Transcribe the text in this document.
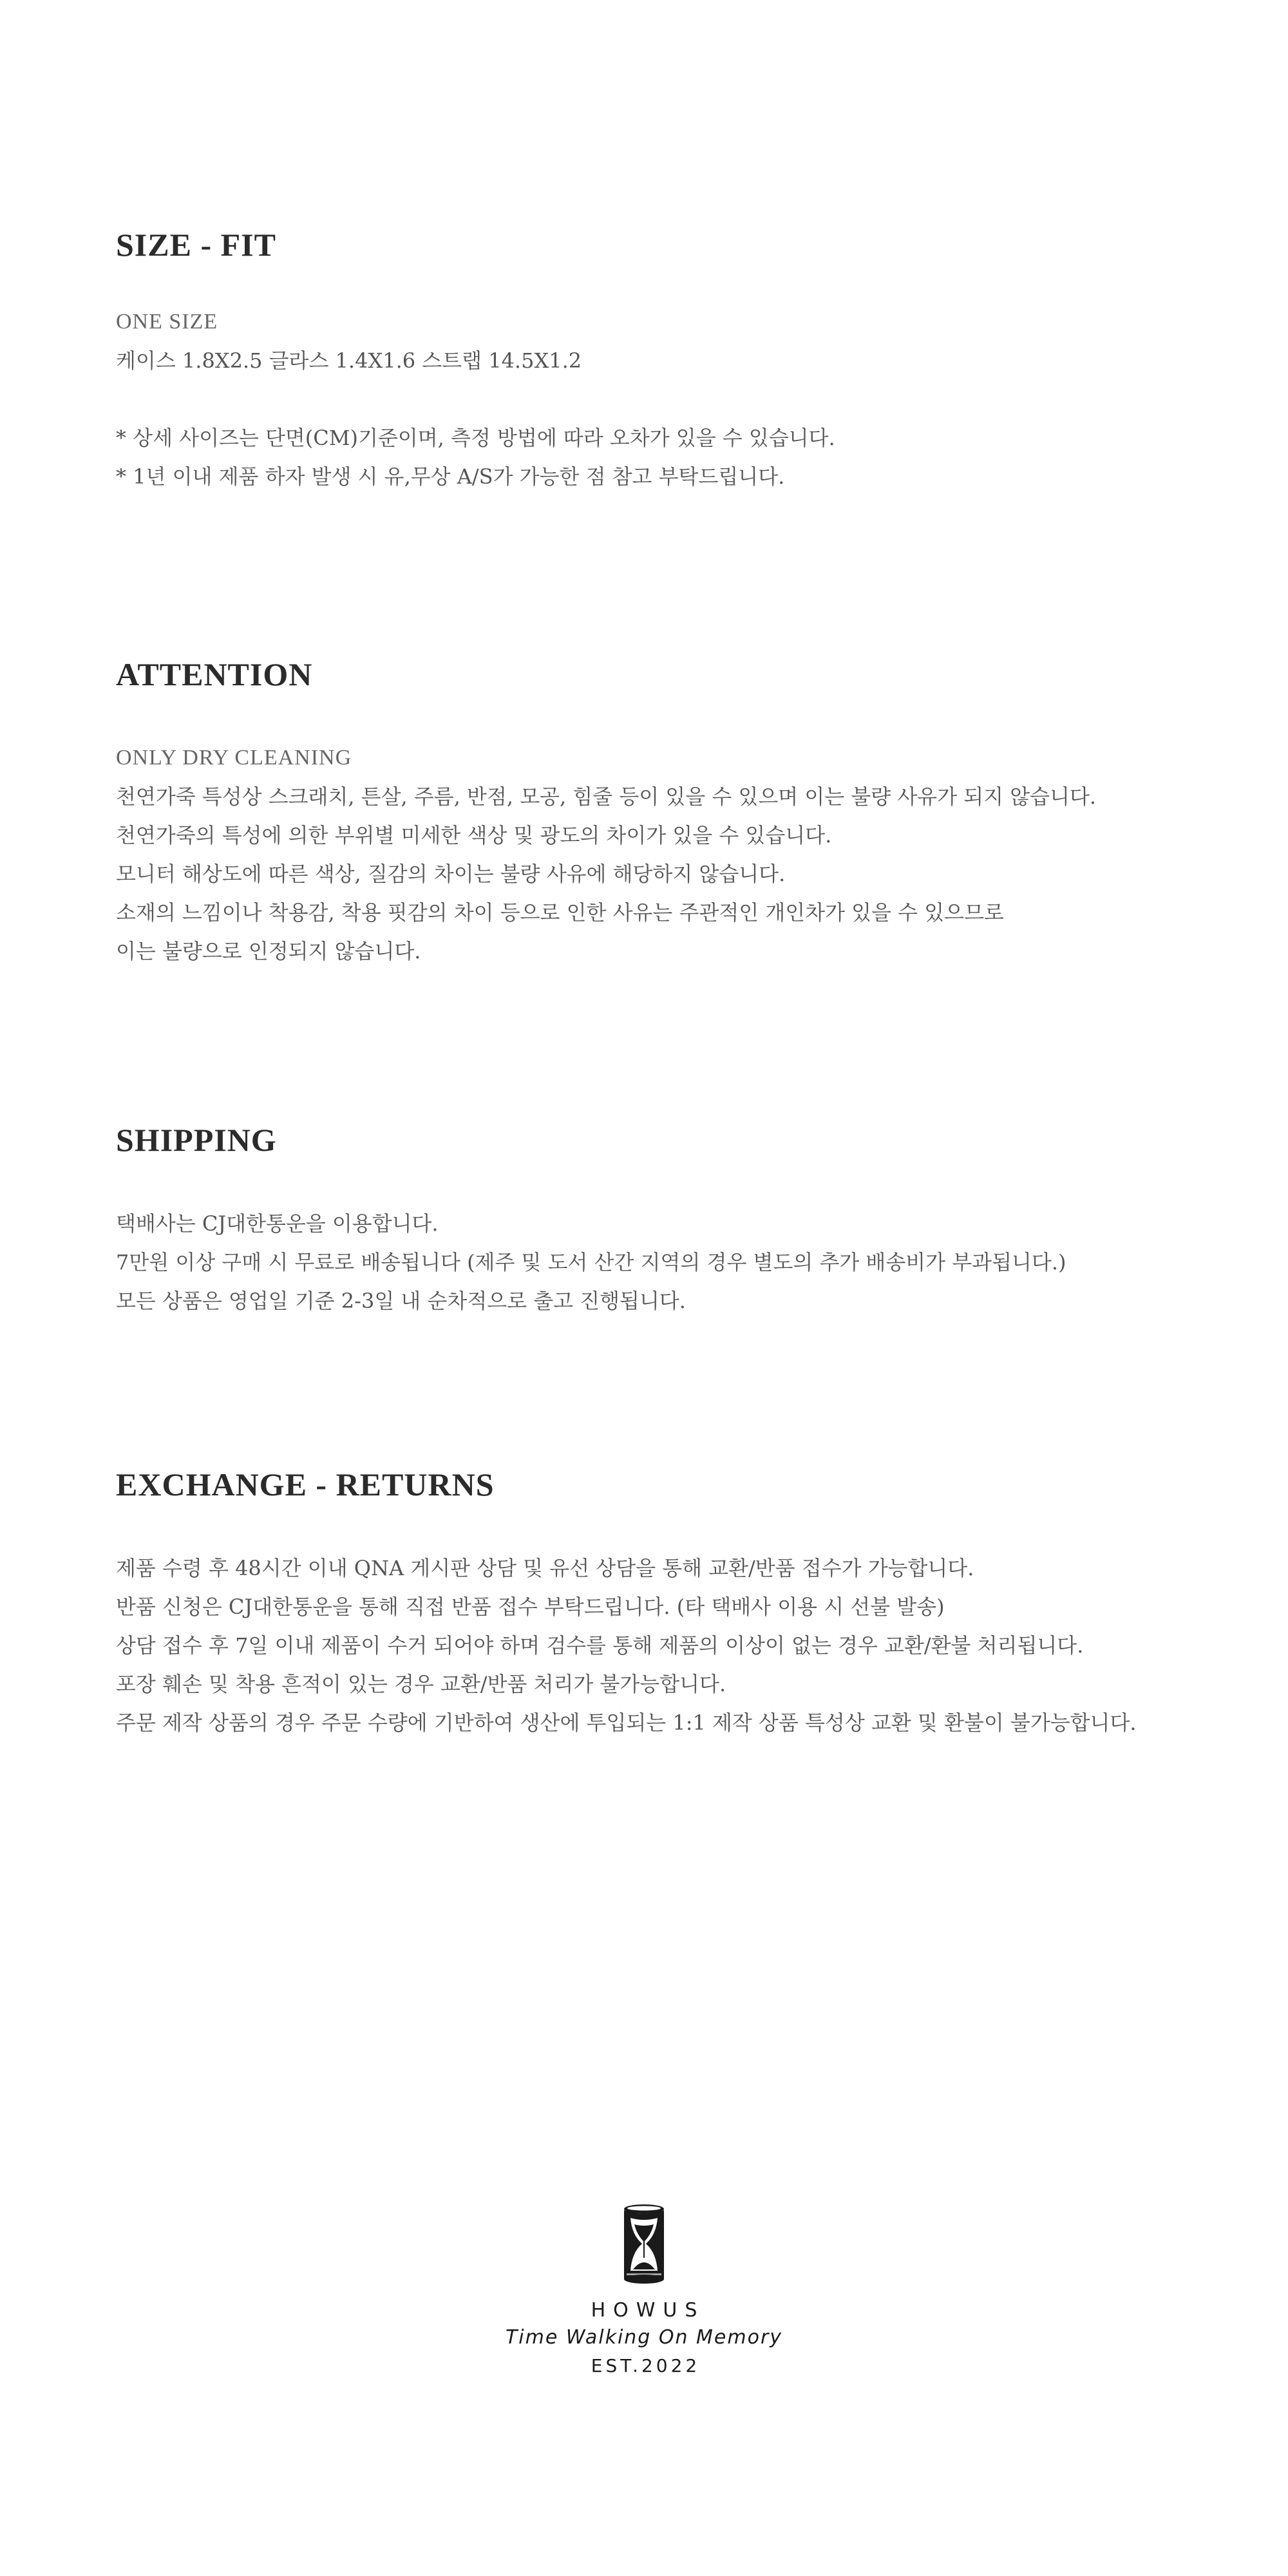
SIZE - FIT

ONE SIZE

케이스 1.8X2.5 글라스 1.4X1.6 스트랩 14.5X1.2

* 상세 사이즈는 단면(CM)기준이며, 측정 방법에 따라 오차가 있을 수 있습니다.

* 1년 이내 제품 하자 발생 시 유,무상 A/S가 가능한 점 참고 부탁드립니다.

ATTENTION

ONLY DRY CLEANING

천연가죽 특성상 스크래치, 튼살, 주름, 반점, 모공, 힘줄 등이 있을 수 있으며 이는 불량 사유가 되지 않습니다.

천연가죽의 특성에 의한 부위별 미세한 색상 및 광도의 차이가 있을 수 있습니다.

모니터 해상도에 따른 색상, 질감의 차이는 불량 사유에 해당하지 않습니다.

소재의 느낌이나 착용감, 착용 핏감의 차이 등으로 인한 사유는 주관적인 개인차가 있을 수 있으므로

이는 불량으로 인정되지 않습니다.

SHIPPING

택배사는 CJ대한통운을 이용합니다.

7만원 이상 구매 시 무료로 배송됩니다 (제주 및 도서 산간 지역의 경우 별도의 추가 배송비가 부과됩니다.)

모든 상품은 영업일 기준 2-3일 내 순차적으로 출고 진행됩니다.

EXCHANGE - RETURNS

제품 수령 후 48시간 이내 QNA 게시판 상담 및 유선 상담을 통해 교환/반품 접수가 가능합니다.

반품 신청은 CJ대한통운을 통해 직접 반품 접수 부탁드립니다. (타 택배사 이용 시 선불 발송)

상담 접수 후 7일 이내 제품이 수거 되어야 하며 검수를 통해 제품의 이상이 없는 경우 교환/환불 처리됩니다.

포장 훼손 및 착용 흔적이 있는 경우 교환/반품 처리가 불가능합니다.

주문 제작 상품의 경우 주문 수량에 기반하여 생산에 투입되는 1:1 제작 상품 특성상 교환 및 환불이 불가능합니다.

HOWUS
Time Walking On Memory
EST.2022
